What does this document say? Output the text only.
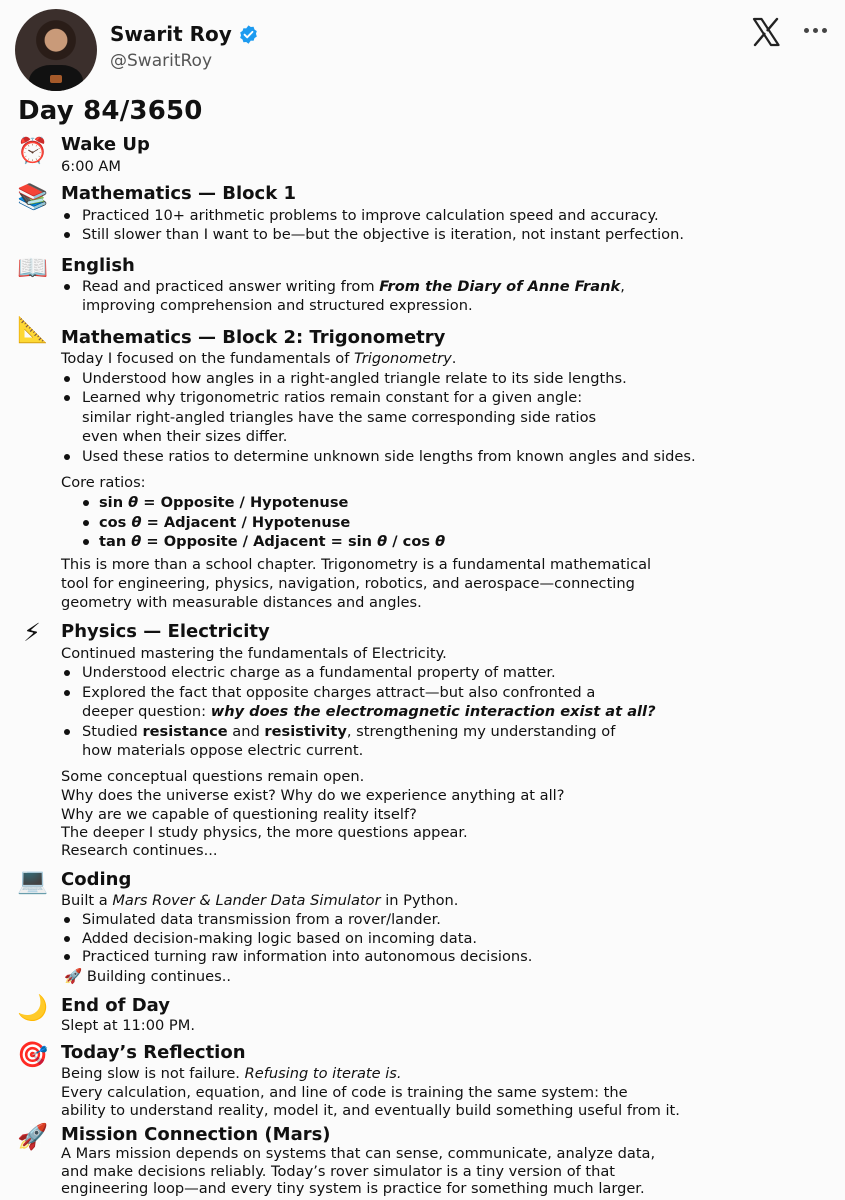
Swarit Roy
@SwaritRoy
Day 84/3650
⏰ Wake Up
6:00 AM
📚 Mathematics — Block 1
Practiced 10+ arithmetic problems to improve calculation speed and accuracy.
Still slower than I want to be—but the objective is iteration, not instant perfection.
📖 English
Read and practiced answer writing from From the Diary of Anne Frank,
improving comprehension and structured expression.
📐 Mathematics — Block 2: Trigonometry
Today I focused on the fundamentals of Trigonometry.
Understood how angles in a right-angled triangle relate to its side lengths.
Learned why trigonometric ratios remain constant for a given angle:
similar right-angled triangles have the same corresponding side ratios
even when their sizes differ.
Used these ratios to determine unknown side lengths from known angles and sides.
Core ratios:
sin θ = Opposite / Hypotenuse
cos θ = Adjacent / Hypotenuse
tan θ = Opposite / Adjacent = sin θ / cos θ
This is more than a school chapter. Trigonometry is a fundamental mathematical
tool for engineering, physics, navigation, robotics, and aerospace—connecting
geometry with measurable distances and angles.
⚡	Physics — Electricity
Continued mastering the fundamentals of Electricity.
Understood electric charge as a fundamental property of matter.
Explored the fact that opposite charges attract—but also confronted a
deeper question: why does the electromagnetic interaction exist at all?
Studied resistance and resistivity, strengthening my understanding of
how materials oppose electric current.
Some conceptual questions remain open.
Why does the universe exist? Why do we experience anything at all?
Why are we capable of questioning reality itself?
The deeper I study physics, the more questions appear.
Research continues...
💻 Coding
Built a Mars Rover & Lander Data Simulator in Python.
Simulated data transmission from a rover/lander.
Added decision-making logic based on incoming data.
Practiced turning raw information into autonomous decisions.
🚀 Building continues..
🌙 End of Day
Slept at 11:00 PM.
🎯 Today’s Reflection
Being slow is not failure. Refusing to iterate is.
Every calculation, equation, and line of code is training the same system: the
ability to understand reality, model it, and eventually build something useful from it.
🚀 Mission Connection (Mars)
A Mars mission depends on systems that can sense, communicate, analyze data,
and make decisions reliably. Today’s rover simulator is a tiny version of that
engineering loop—and every tiny system is practice for something much larger.
